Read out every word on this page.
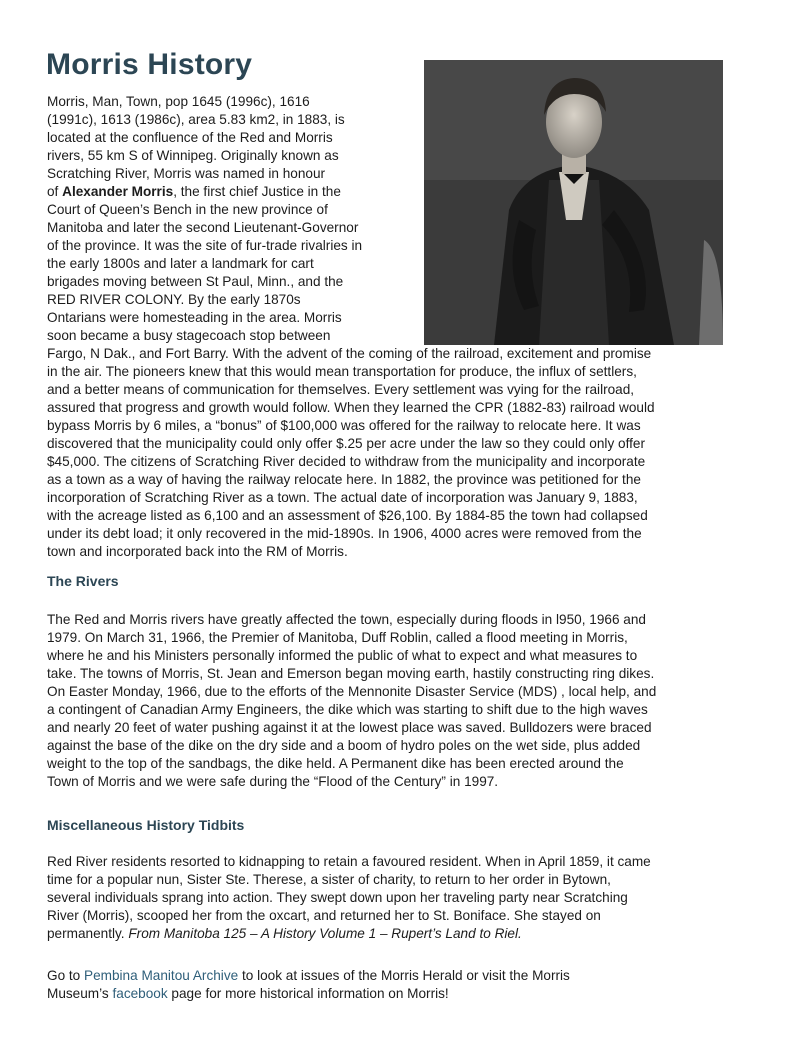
Morris History
Morris, Man, Town, pop 1645 (1996c), 1616
(1991c), 1613 (1986c), area 5.83 km2, in 1883, is
located at the confluence of the Red and Morris
rivers, 55 km S of Winnipeg. Originally known as
Scratching River, Morris was named in honour
of Alexander Morris, the first chief Justice in the
Court of Queen’s Bench in the new province of
Manitoba and later the second Lieutenant-Governor
of the province. It was the site of fur-trade rivalries in
the early 1800s and later a landmark for cart
brigades moving between St Paul, Minn., and the
RED RIVER COLONY. By the early 1870s
Ontarians were homesteading in the area. Morris
soon became a busy stagecoach stop between
Fargo, N Dak., and Fort Barry. With the advent of the coming of the railroad, excitement and promise
in the air. The pioneers knew that this would mean transportation for produce, the influx of settlers,
and a better means of communication for themselves. Every settlement was vying for the railroad,
assured that progress and growth would follow. When they learned the CPR (1882-83) railroad would
bypass Morris by 6 miles, a “bonus” of $100,000 was offered for the railway to relocate here. It was
discovered that the municipality could only offer $.25 per acre under the law so they could only offer
$45,000. The citizens of Scratching River decided to withdraw from the municipality and incorporate
as a town as a way of having the railway relocate here. In 1882, the province was petitioned for the
incorporation of Scratching River as a town. The actual date of incorporation was January 9, 1883,
with the acreage listed as 6,100 and an assessment of $26,100. By 1884-85 the town had collapsed
under its debt load; it only recovered in the mid-1890s. In 1906, 4000 acres were removed from the
town and incorporated back into the RM of Morris.
The Rivers
The Red and Morris rivers have greatly affected the town, especially during floods in l950, 1966 and
1979. On March 31, 1966, the Premier of Manitoba, Duff Roblin, called a flood meeting in Morris,
where he and his Ministers personally informed the public of what to expect and what measures to
take. The towns of Morris, St. Jean and Emerson began moving earth, hastily constructing ring dikes.
On Easter Monday, 1966, due to the efforts of the Mennonite Disaster Service (MDS) , local help, and
a contingent of Canadian Army Engineers, the dike which was starting to shift due to the high waves
and nearly 20 feet of water pushing against it at the lowest place was saved. Bulldozers were braced
against the base of the dike on the dry side and a boom of hydro poles on the wet side, plus added
weight to the top of the sandbags, the dike held. A Permanent dike has been erected around the
Town of Morris and we were safe during the “Flood of the Century” in 1997.
Miscellaneous History Tidbits
Red River residents resorted to kidnapping to retain a favoured resident. When in April 1859, it came
time for a popular nun, Sister Ste. Therese, a sister of charity, to return to her order in Bytown,
several individuals sprang into action. They swept down upon her traveling party near Scratching
River (Morris), scooped her from the oxcart, and returned her to St. Boniface. She stayed on
permanently. From Manitoba 125 – A History Volume 1 – Rupert’s Land to Riel.
Go to Pembina Manitou Archive to look at issues of the Morris Herald or visit the Morris
Museum’s facebook page for more historical information on Morris!
